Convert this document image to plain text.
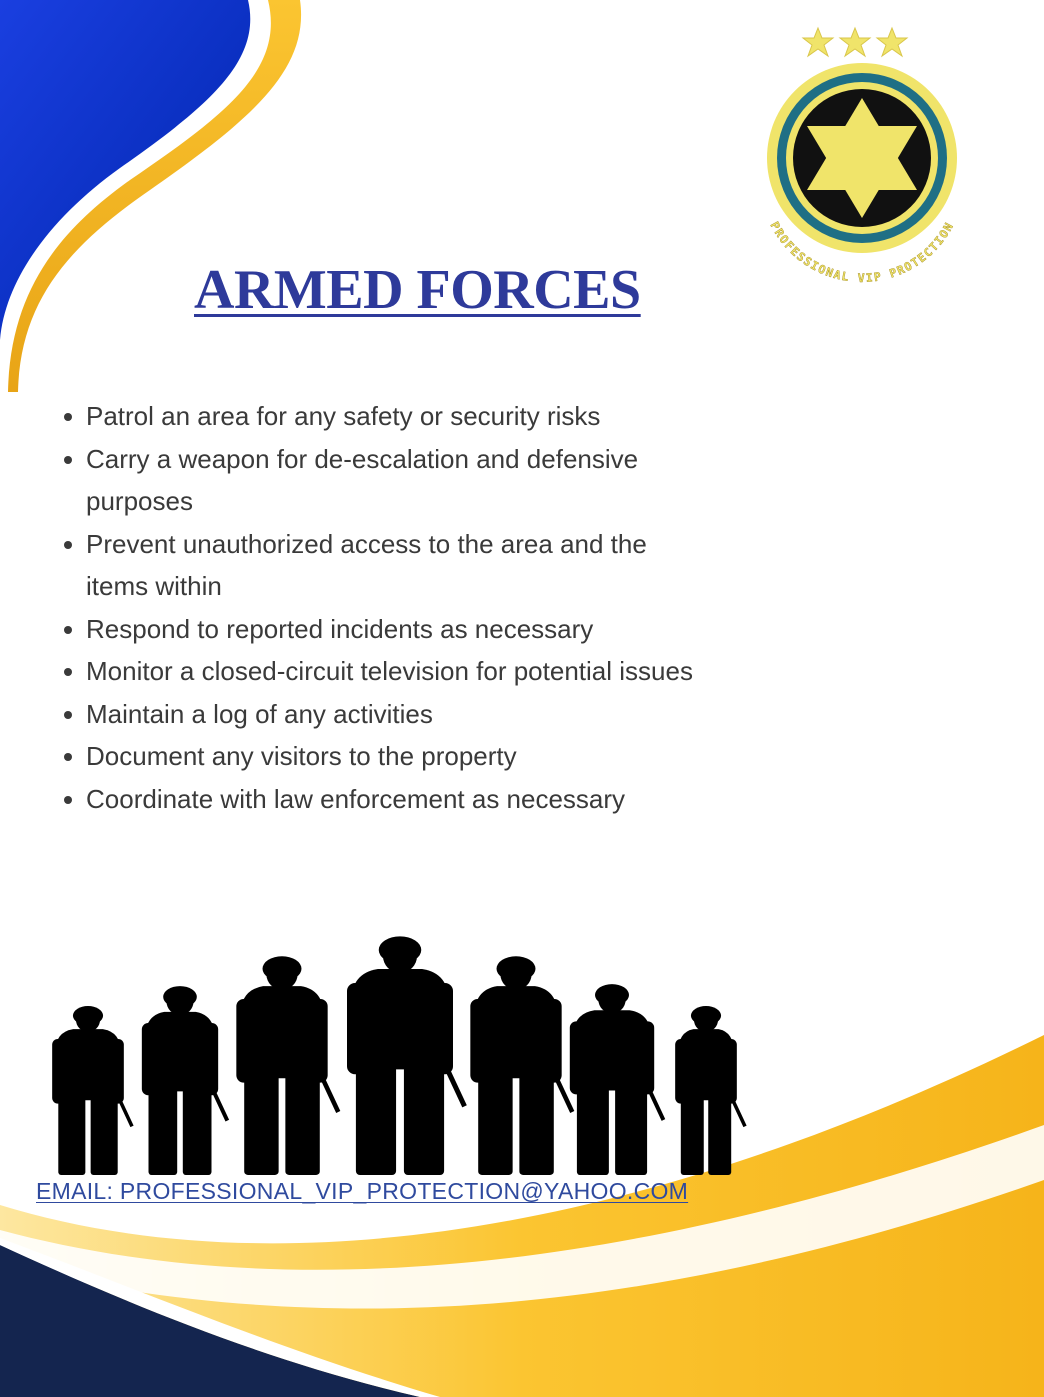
PROFESSIONAL VIP PROTECTION
ARMED FORCES
Patrol an area for any safety or security risks
Carry a weapon for de-escalation and defensive purposes
Prevent unauthorized access to the area and the items within
Respond to reported incidents as necessary
Monitor a closed-circuit television for potential issues
Maintain a log of any activities
Document any visitors to the property
Coordinate with law enforcement as necessary

EMAIL: PROFESSIONAL_VIP_PROTECTION@YAHOO.COM
